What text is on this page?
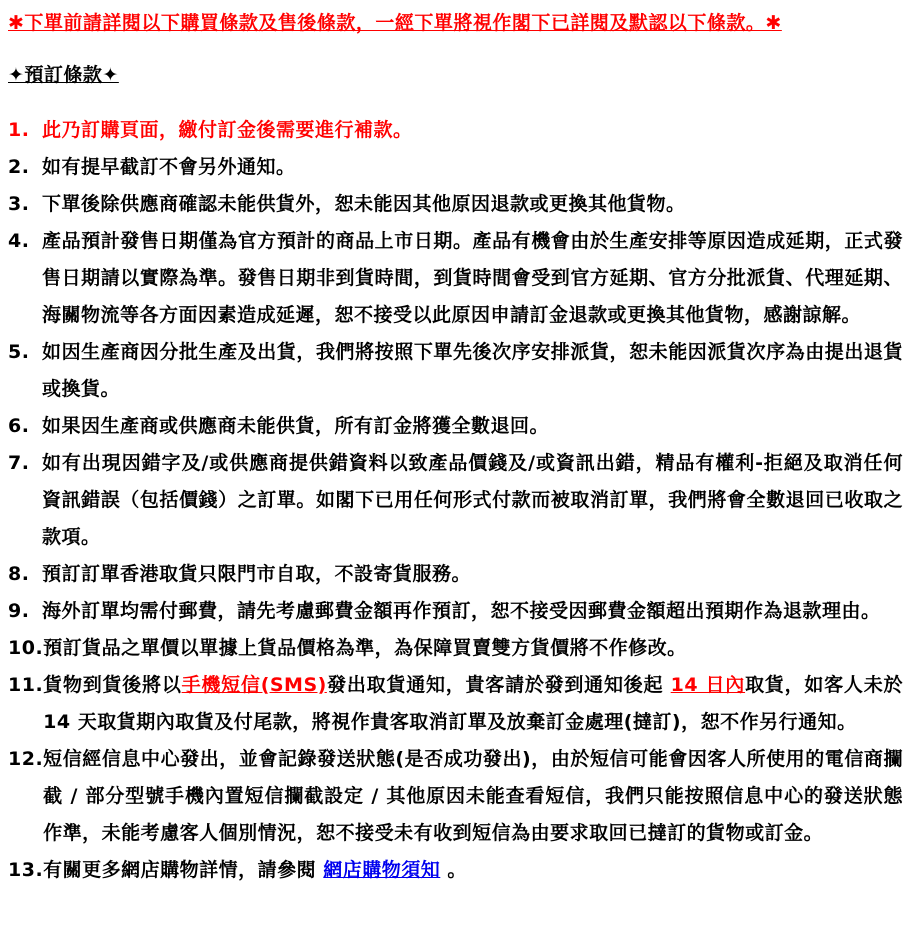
✱下單前請詳閱以下購買條款及售後條款，一經下單將視作閣下已詳閱及默認以下條款。✱
✦預訂條款✦
1. 此乃訂購頁面，繳付訂金後需要進行補款。
2. 如有提早截訂不會另外通知。
3. 下單後除供應商確認未能供貨外，恕未能因其他原因退款或更換其他貨物。
4. 產品預計發售日期僅為官方預計的商品上市日期。產品有機會由於生產安排等原因造成延期，正式發售日期請以實際為準。發售日期非到貨時間，到貨時間會受到官方延期、官方分批派貨、代理延期、海關物流等各方面因素造成延遲，恕不接受以此原因申請訂金退款或更換其他貨物，感謝諒解。
5. 如因生產商因分批生產及出貨，我們將按照下單先後次序安排派貨，恕未能因派貨次序為由提出退貨或換貨。
6. 如果因生產商或供應商未能供貨，所有訂金將獲全數退回。
7. 如有出現因錯字及/或供應商提供錯資料以致產品價錢及/或資訊出錯，精品有權利-拒絕及取消任何資訊錯誤（包括價錢）之訂單。如閣下已用任何形式付款而被取消訂單，我們將會全數退回已收取之款項。
8. 預訂訂單香港取貨只限門市自取，不設寄貨服務。
9. 海外訂單均需付郵費，請先考慮郵費金額再作預訂，恕不接受因郵費金額超出預期作為退款理由。
10. 預訂貨品之單價以單據上貨品價格為準，為保障買賣雙方貨價將不作修改。
11. 貨物到貨後將以手機短信(SMS)發出取貨通知，貴客請於發到通知後起 14 日內取貨，如客人未於 14 天取貨期內取貨及付尾款，將視作貴客取消訂單及放棄訂金處理(撻訂)，恕不作另行通知。
12. 短信經信息中心發出，並會記錄發送狀態(是否成功發出)，由於短信可能會因客人所使用的電信商攔截 / 部分型號手機內置短信攔截設定 / 其他原因未能查看短信，我們只能按照信息中心的發送狀態作準，未能考慮客人個別情況，恕不接受未有收到短信為由要求取回已撻訂的貨物或訂金。
13. 有關更多網店購物詳情，請參閱 網店購物須知 。
